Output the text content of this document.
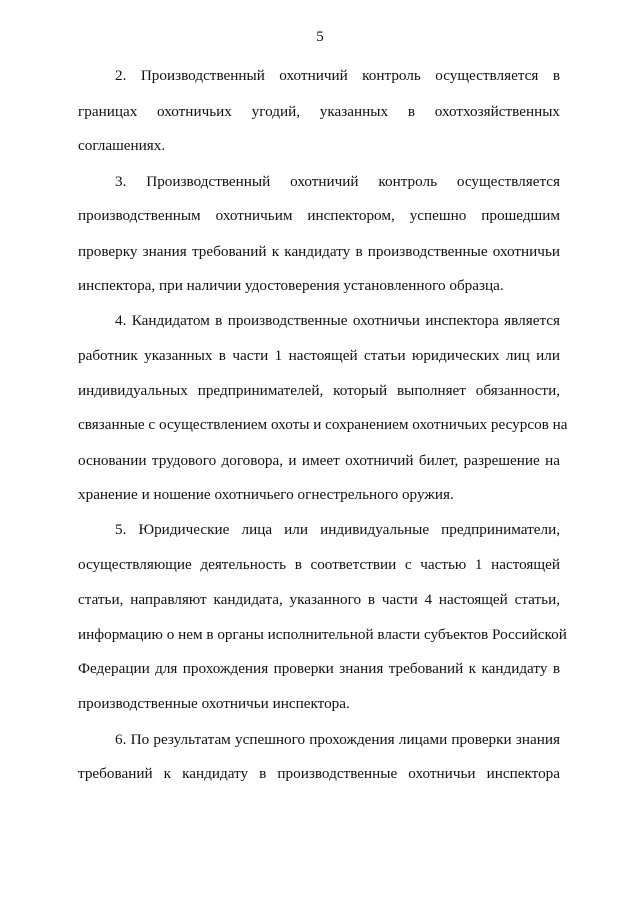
5
2. Производственный охотничий контроль осуществляется в
границах охотничьих угодий, указанных в охотхозяйственных
соглашениях.
3. Производственный охотничий контроль осуществляется
производственным охотничьим инспектором, успешно прошедшим
проверку знания требований к кандидату в производственные охотничьи
инспектора, при наличии удостоверения установленного образца.
4. Кандидатом в производственные охотничьи инспектора является
работник указанных в части 1 настоящей статьи юридических лиц или
индивидуальных предпринимателей, который выполняет обязанности,
связанные с осуществлением охоты и сохранением охотничьих ресурсов на
основании трудового договора, и имеет охотничий билет, разрешение на
хранение и ношение охотничьего огнестрельного оружия.
5. Юридические лица или индивидуальные предприниматели,
осуществляющие деятельность в соответствии с частью 1 настоящей
статьи, направляют кандидата, указанного в части 4 настоящей статьи,
информацию о нем в органы исполнительной власти субъектов Российской
Федерации для прохождения проверки знания требований к кандидату в
производственные охотничьи инспектора.
6. По результатам успешного прохождения лицами проверки знания
требований к кандидату в производственные охотничьи инспектора
